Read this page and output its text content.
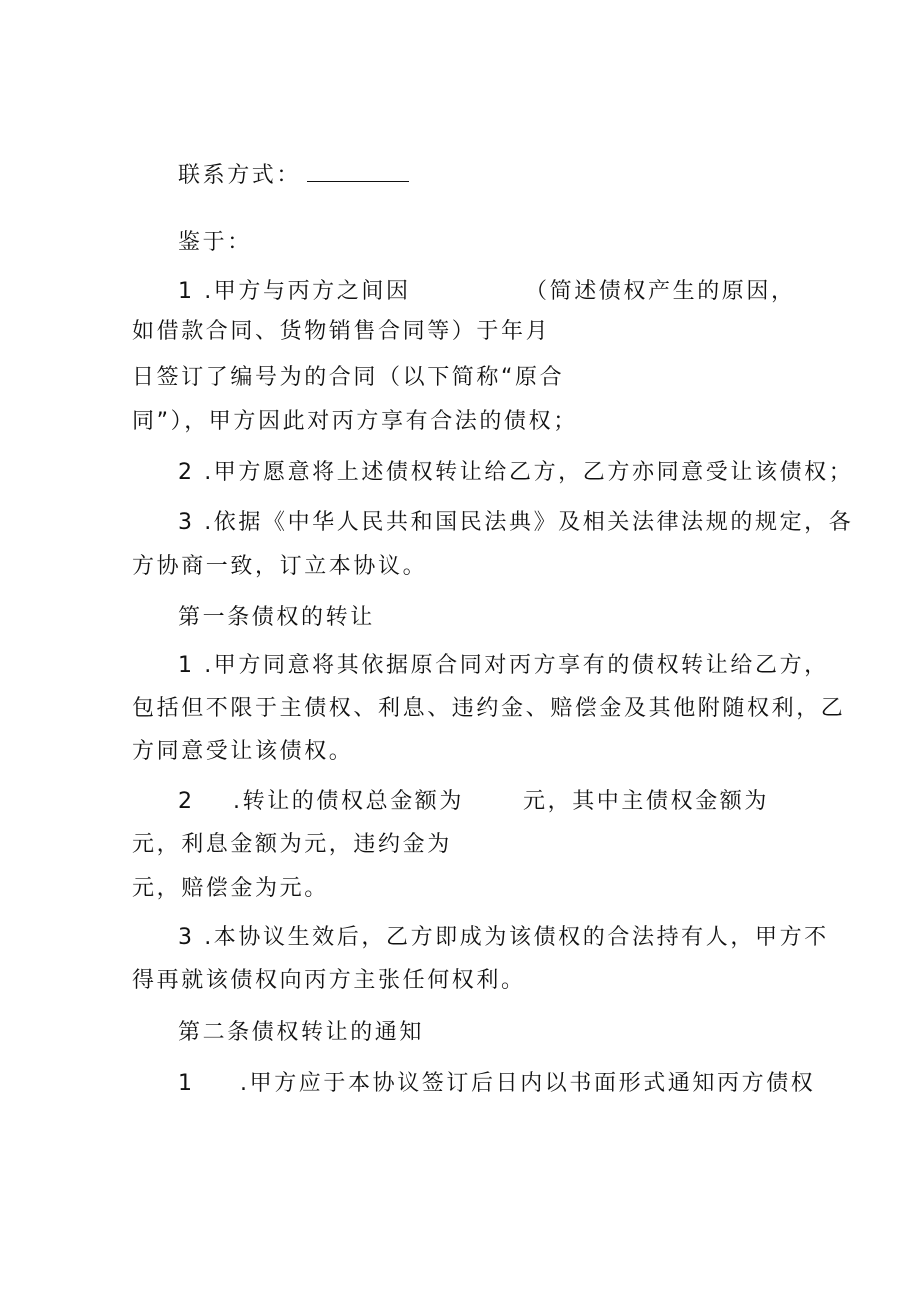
联系方式：
鉴于：
1 .甲方与丙方之间因	（简述债权产生的原因，
如借款合同、货物销售合同等）于年月
日签订了编号为的合同（以下简称“原合
同”），甲方因此对丙方享有合法的债权；
2 .甲方愿意将上述债权转让给乙方，乙方亦同意受让该债权；
3 .依据《中华人民共和国民法典》及相关法律法规的规定，各
方协商一致，订立本协议。
第一条债权的转让
1 .甲方同意将其依据原合同对丙方享有的债权转让给乙方，
包括但不限于主债权、利息、违约金、赔偿金及其他附随权利，乙
方同意受让该债权。
2 .转让的债权总金额为	元，其中主债权金额为
元，利息金额为元，违约金为
元，赔偿金为元。
3 .本协议生效后，乙方即成为该债权的合法持有人，甲方不
得再就该债权向丙方主张任何权利。
第二条债权转让的通知
1 .甲方应于本协议签订后日内以书面形式通知丙方债权
